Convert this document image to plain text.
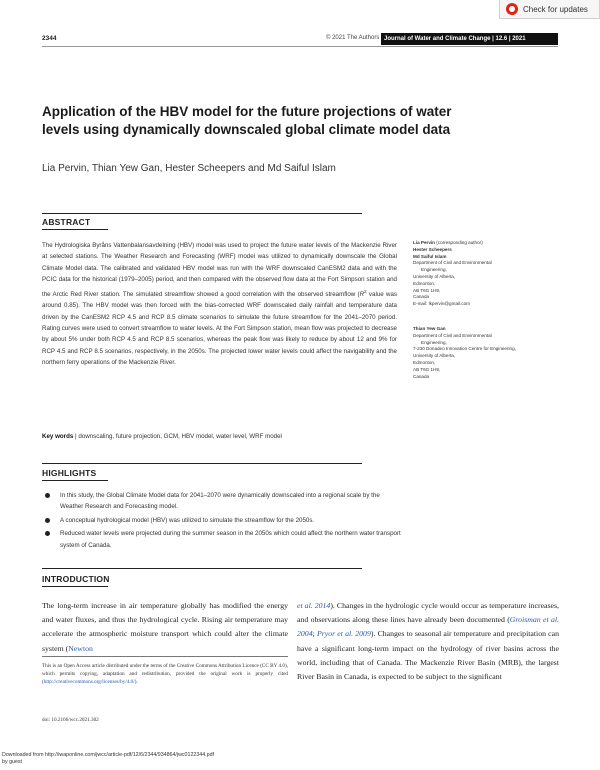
Check for updates
2344	© 2021 The Authors Journal of Water and Climate Change | 12.6 | 2021
Application of the HBV model for the future projections of water levels using dynamically downscaled global climate model data
Lia Pervin, Thian Yew Gan, Hester Scheepers and Md Saiful Islam
ABSTRACT
The Hydrologiska Byråns Vattenbalansavdelning (HBV) model was used to project the future water levels of the Mackenzie River at selected stations. The Weather Research and Forecasting (WRF) model was utilized to dynamically downscale the Global Climate Model data. The calibrated and validated HBV model was run with the WRF downscaled CanESM2 data and with the PCIC data for the historical (1979–2005) period, and then compared with the observed flow data at the Fort Simpson station and the Arctic Red River station. The simulated streamflow showed a good correlation with the observed streamflow ($R^2$ value was around 0.85). The HBV model was then forced with the bias-corrected WRF downscaled daily rainfall and temperature data driven by the CanESM2 RCP 4.5 and RCP 8.5 climate scenarios to simulate the future streamflow for the 2041–2070 period. Rating curves were used to convert streamflow to water levels. At the Fort Simpson station, mean flow was projected to decrease by about 5% under both RCP 4.5 and RCP 8.5 scenarios, whereas the peak flow was likely to reduce by about 12 and 9% for RCP 4.5 and RCP 8.5 scenarios, respectively, in the 2050s. The projected lower water levels could affect the navigability and the northern ferry operations of the Mackenzie River.
Key words | downscaling, future projection, GCM, HBV model, water level, WRF model
Lia Pervin (corresponding author)
Hester Scheepers
Md Saiful Islam
Department of Civil and Environmental
Engineering,
University of Alberta,
Edmonton,
AB T6G 1H9,
Canada
E-mail: lkpervin@gmail.com
Thian Yew Gan
Department of Civil and Environmental
Engineering,
7-230 Donadeo Innovation Centre for Engineering,
University of Alberta,
Edmonton,
AB T6G 1H9,
Canada
HIGHLIGHTS
In this study, the Global Climate Model data for 2041–2070 were dynamically downscaled into a regional scale by the Weather Research and Forecasting model.
A conceptual hydrological model (HBV) was utilized to simulate the streamflow for the 2050s.
Reduced water levels were projected during the summer season in the 2050s which could affect the northern water transport system of Canada.
INTRODUCTION
The long-term increase in air temperature globally has modified the energy and water fluxes, and thus the hydrological cycle. Rising air temperature may accelerate the atmospheric moisture transport which could alter the climate system (Newton
et al. 2014). Changes in the hydrologic cycle would occur as temperature increases, and observations along these lines have already been documented (Groisman et al. 2004; Pryor et al. 2009). Changes to seasonal air temperature and precipitation can have a significant long-term impact on the hydrology of river basins across the world, including that of Canada. The Mackenzie River Basin (MRB), the largest River Basin in Canada, is expected to be subject to the significant
This is an Open Access article distributed under the terms of the Creative Commons Attribution Licence (CC BY 4.0), which permits copying, adaptation and redistribution, provided the original work is properly cited (http://creativecommons.org/licenses/by/4.0/).
doi: 10.2166/wcc.2021.302
Downloaded from http://iwaponline.com/jwcc/article-pdf/12/6/2344/934864/jwc0122344.pdf
by guest
